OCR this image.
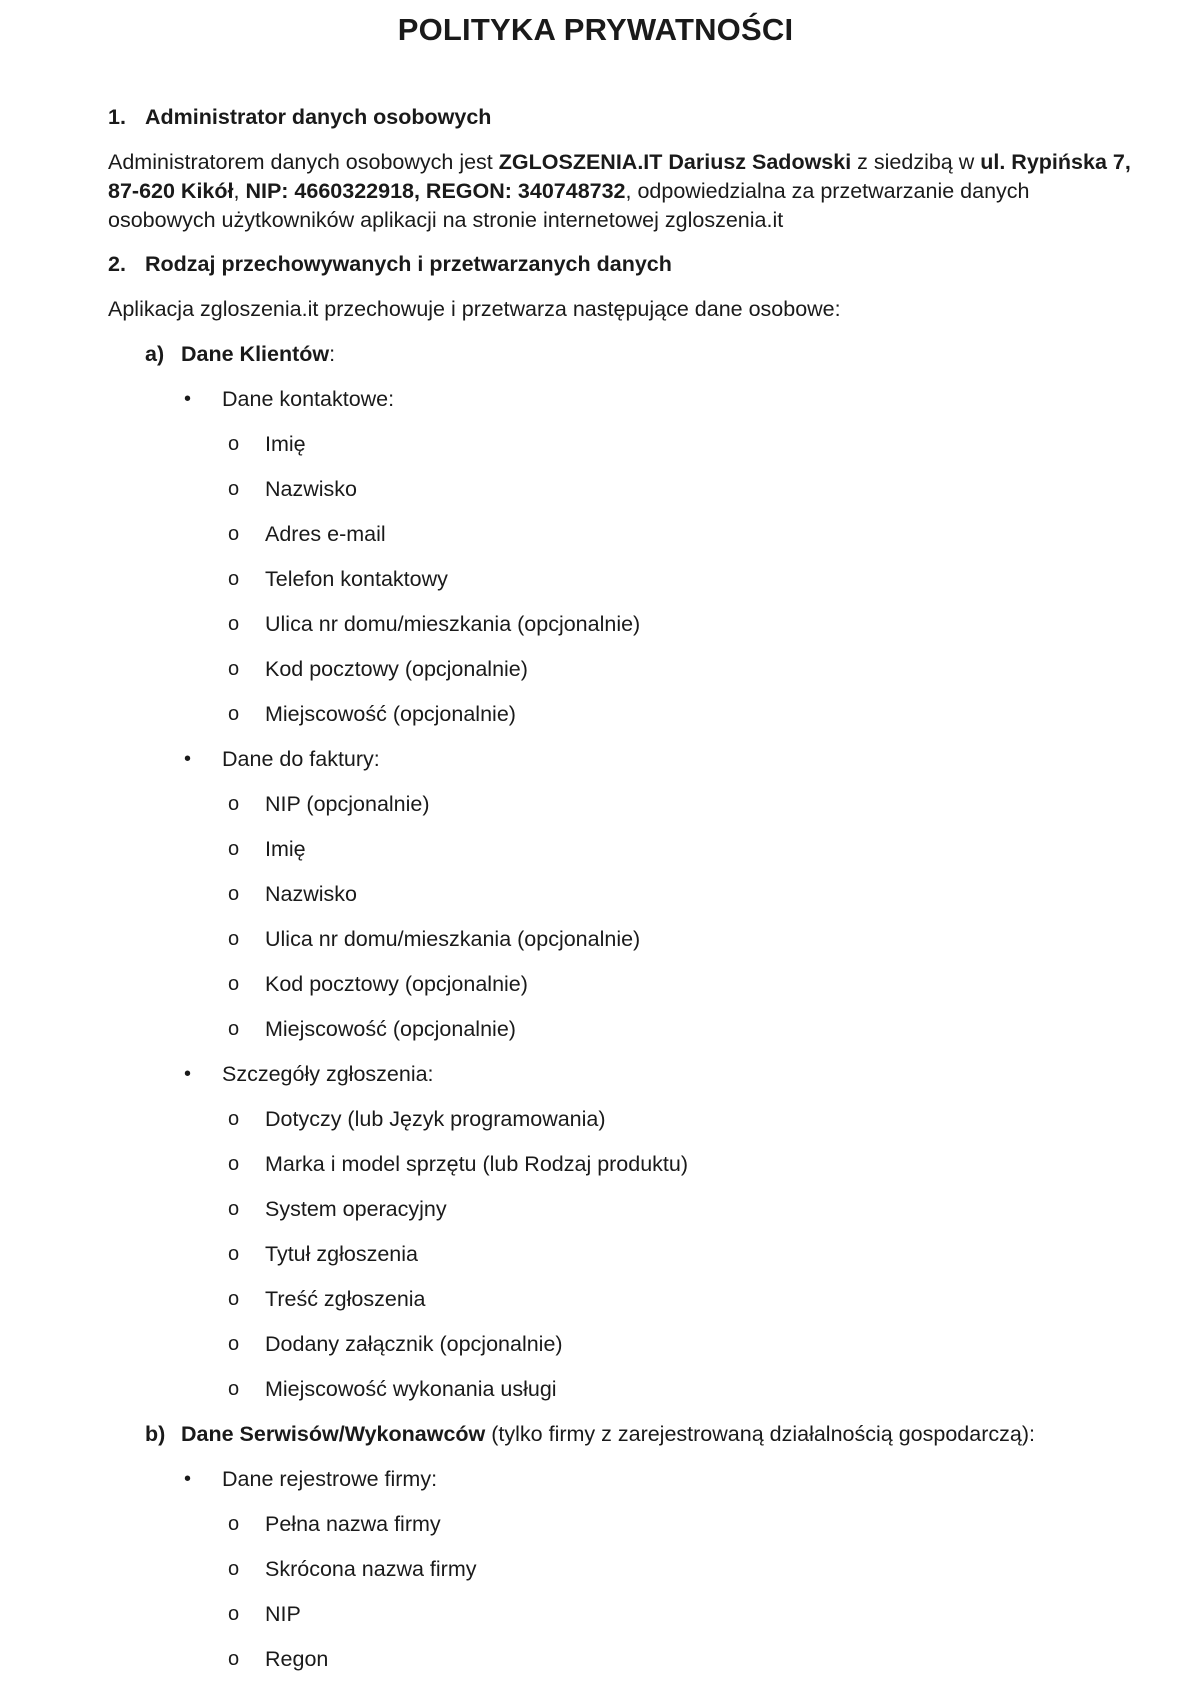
POLITYKA PRYWATNOŚCI
1. Administrator danych osobowych
Administratorem danych osobowych jest ZGLOSZENIA.IT Dariusz Sadowski z siedzibą w ul. Rypińska 7,
87-620 Kikół, NIP: 4660322918, REGON: 340748732, odpowiedzialna za przetwarzanie danych
osobowych użytkowników aplikacji na stronie internetowej zgloszenia.it
2. Rodzaj przechowywanych i przetwarzanych danych
Aplikacja zgloszenia.it przechowuje i przetwarza następujące dane osobowe:
a) Dane Klientów:
• Dane kontaktowe:
o Imię
o Nazwisko
o Adres e-mail
o Telefon kontaktowy
o Ulica nr domu/mieszkania (opcjonalnie)
o Kod pocztowy (opcjonalnie)
o Miejscowość (opcjonalnie)
• Dane do faktury:
o NIP (opcjonalnie)
o Imię
o Nazwisko
o Ulica nr domu/mieszkania (opcjonalnie)
o Kod pocztowy (opcjonalnie)
o Miejscowość (opcjonalnie)
• Szczegóły zgłoszenia:
o Dotyczy (lub Język programowania)
o Marka i model sprzętu (lub Rodzaj produktu)
o System operacyjny
o Tytuł zgłoszenia
o Treść zgłoszenia
o Dodany załącznik (opcjonalnie)
o Miejscowość wykonania usługi
b) Dane Serwisów/Wykonawców (tylko firmy z zarejestrowaną działalnością gospodarczą):
• Dane rejestrowe firmy:
o Pełna nazwa firmy
o Skrócona nazwa firmy
o NIP
o Regon
